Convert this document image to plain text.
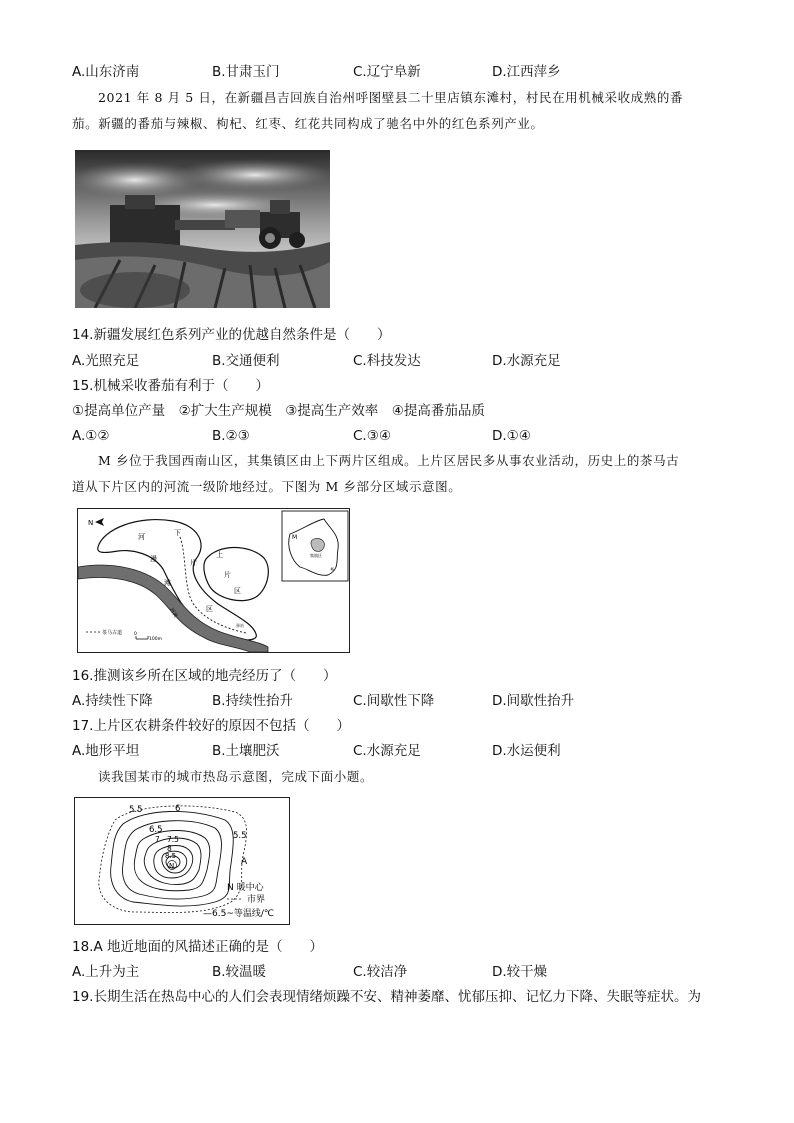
A.山东济南	B.甘肃玉门	C.辽宁阜新	D.江西萍乡
2021 年 8 月 5 日，在新疆昌吉回族自治州呼图壁县二十里店镇东滩村，村民在用机械采收成熟的番
茄。新疆的番茄与辣椒、枸杞、红枣、红花共同构成了驰名中外的红色系列产业。
14.新疆发展红色系列产业的优越自然条件是（　　）
A.光照充足	B.交通便利	C.科技发达	D.水源充足
15.机械采收番茄有利于（　　）
①提高单位产量　②扩大生产规模　③提高生产效率　④提高番茄品质
A.①②	B.②③	C.③④	D.①④
M 乡位于我国西南山区，其集镇区由上下两片区组成。上片区居民多从事农业活动，历史上的茶马古
道从下片区内的河流一级阶地经过。下图为 M 乡部分区域示意图。
N
河
漫
滩
下
片
区
上
片
区
河流
驿站
茶马古道	0
100m
M
集镇区
乡
16.推测该乡所在区域的地壳经历了（　　）
A.持续性下降	B.持续性抬升	C.间歇性下降	D.间歇性抬升
17.上片区农耕条件较好的原因不包括（　　）
A.地形平坦	B.土壤肥沃	C.水源充足	D.水运便利
读我国某市的城市热岛示意图，完成下面小题。
5.5	6
6.5
7 7.5
8
8.5
5.5
N	A
N 暖中心
市界
—6.5~等温线/℃
18.A 地近地面的风描述正确的是（　　）
A.上升为主	B.较温暖	C.较洁净	D.较干燥
19.长期生活在热岛中心的人们会表现情绪烦躁不安、精神萎靡、忧郁压抑、记忆力下降、失眠等症状。为
